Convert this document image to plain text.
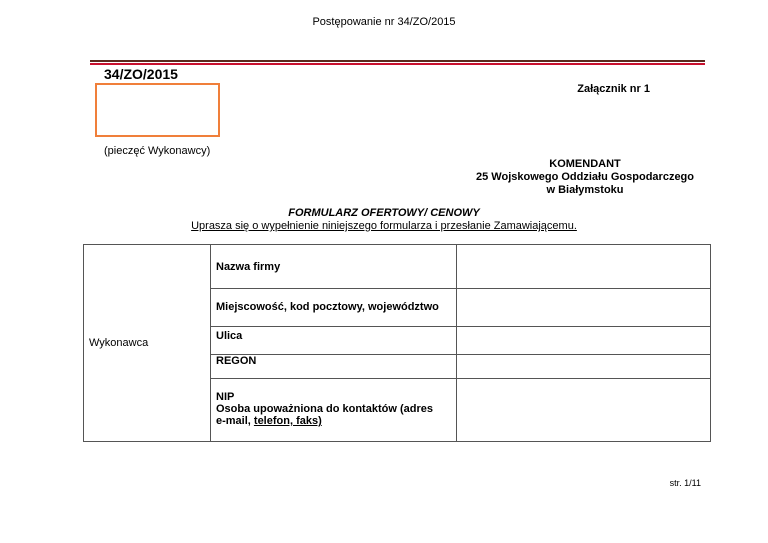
Postępowanie nr 34/ZO/2015
34/ZO/2015
Załącznik nr 1
(pieczęć Wykonawcy)
KOMENDANT
25 Wojskowego Oddziału Gospodarczego
w Białymstoku
FORMULARZ OFERTOWY/ CENOWY
Uprasza się o wypełnienie niniejszego formularza i przesłanie Zamawiającemu.
Wykonawca	Nazwa firmy	
	Miejscowość, kod pocztowy, województwo	
	Ulica	
	REGON	

	NIP
Osoba upoważniona do kontaktów (adres
e-mail, telefon, faks)	

str. 1/11
